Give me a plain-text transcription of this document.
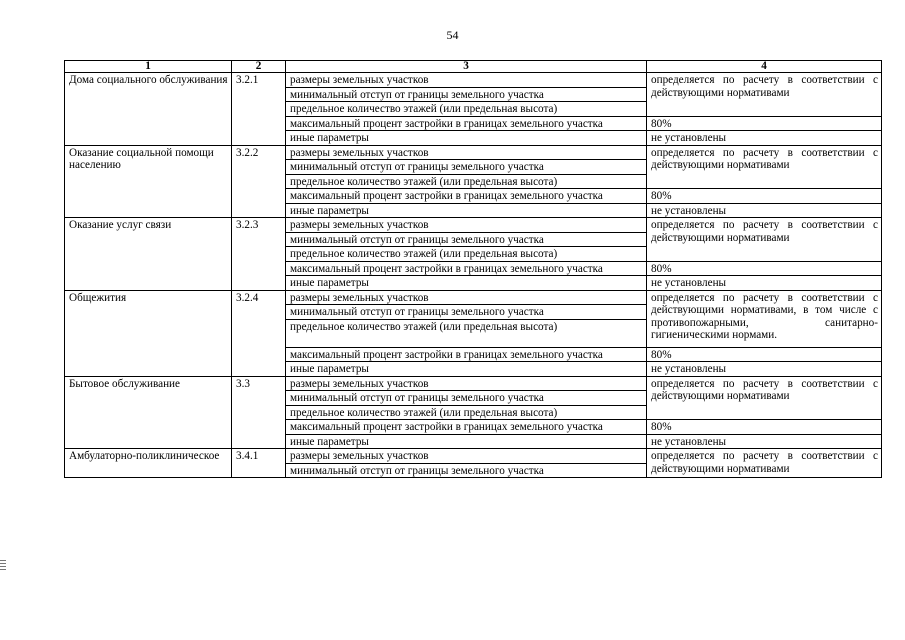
54
1	2	3	4
Дома социального обслуживания	3.2.1	размеры земельных участков	определяется по расчету в соответствии с действующими нормативами
		минимальный отступ от границы земельного участка	
		предельное количество этажей (или предельная высота)	
		максимальный процент застройки в границах земельного участка	80%
		иные параметры	не установлены
Оказание социальной помощи населению	3.2.2	размеры земельных участков	определяется по расчету в соответствии с действующими нормативами
		минимальный отступ от границы земельного участка	
		предельное количество этажей (или предельная высота)	
		максимальный процент застройки в границах земельного участка	80%
		иные параметры	не установлены
Оказание услуг связи	3.2.3	размеры земельных участков	определяется по расчету в соответствии с действующими нормативами
		минимальный отступ от границы земельного участка	
		предельное количество этажей (или предельная высота)	
		максимальный процент застройки в границах земельного участка	80%
		иные параметры	не установлены
Общежития	3.2.4	размеры земельных участков	определяется по расчету в соответствии с действующими нормативами, в том числе с противопожарными, санитарно-гигиеническими нормами.
		минимальный отступ от границы земельного участка	
		предельное количество этажей (или предельная высота)	
		максимальный процент застройки в границах земельного участка	80%
		иные параметры	не установлены
Бытовое обслуживание	3.3	размеры земельных участков	определяется по расчету в соответствии с действующими нормативами
		минимальный отступ от границы земельного участка	
		предельное количество этажей (или предельная высота)	
		максимальный процент застройки в границах земельного участка	80%
		иные параметры	не установлены
Амбулаторно-поликлиническое	3.4.1	размеры земельных участков	определяется по расчету в соответствии с действующими нормативами
		минимальный отступ от границы земельного участка	
